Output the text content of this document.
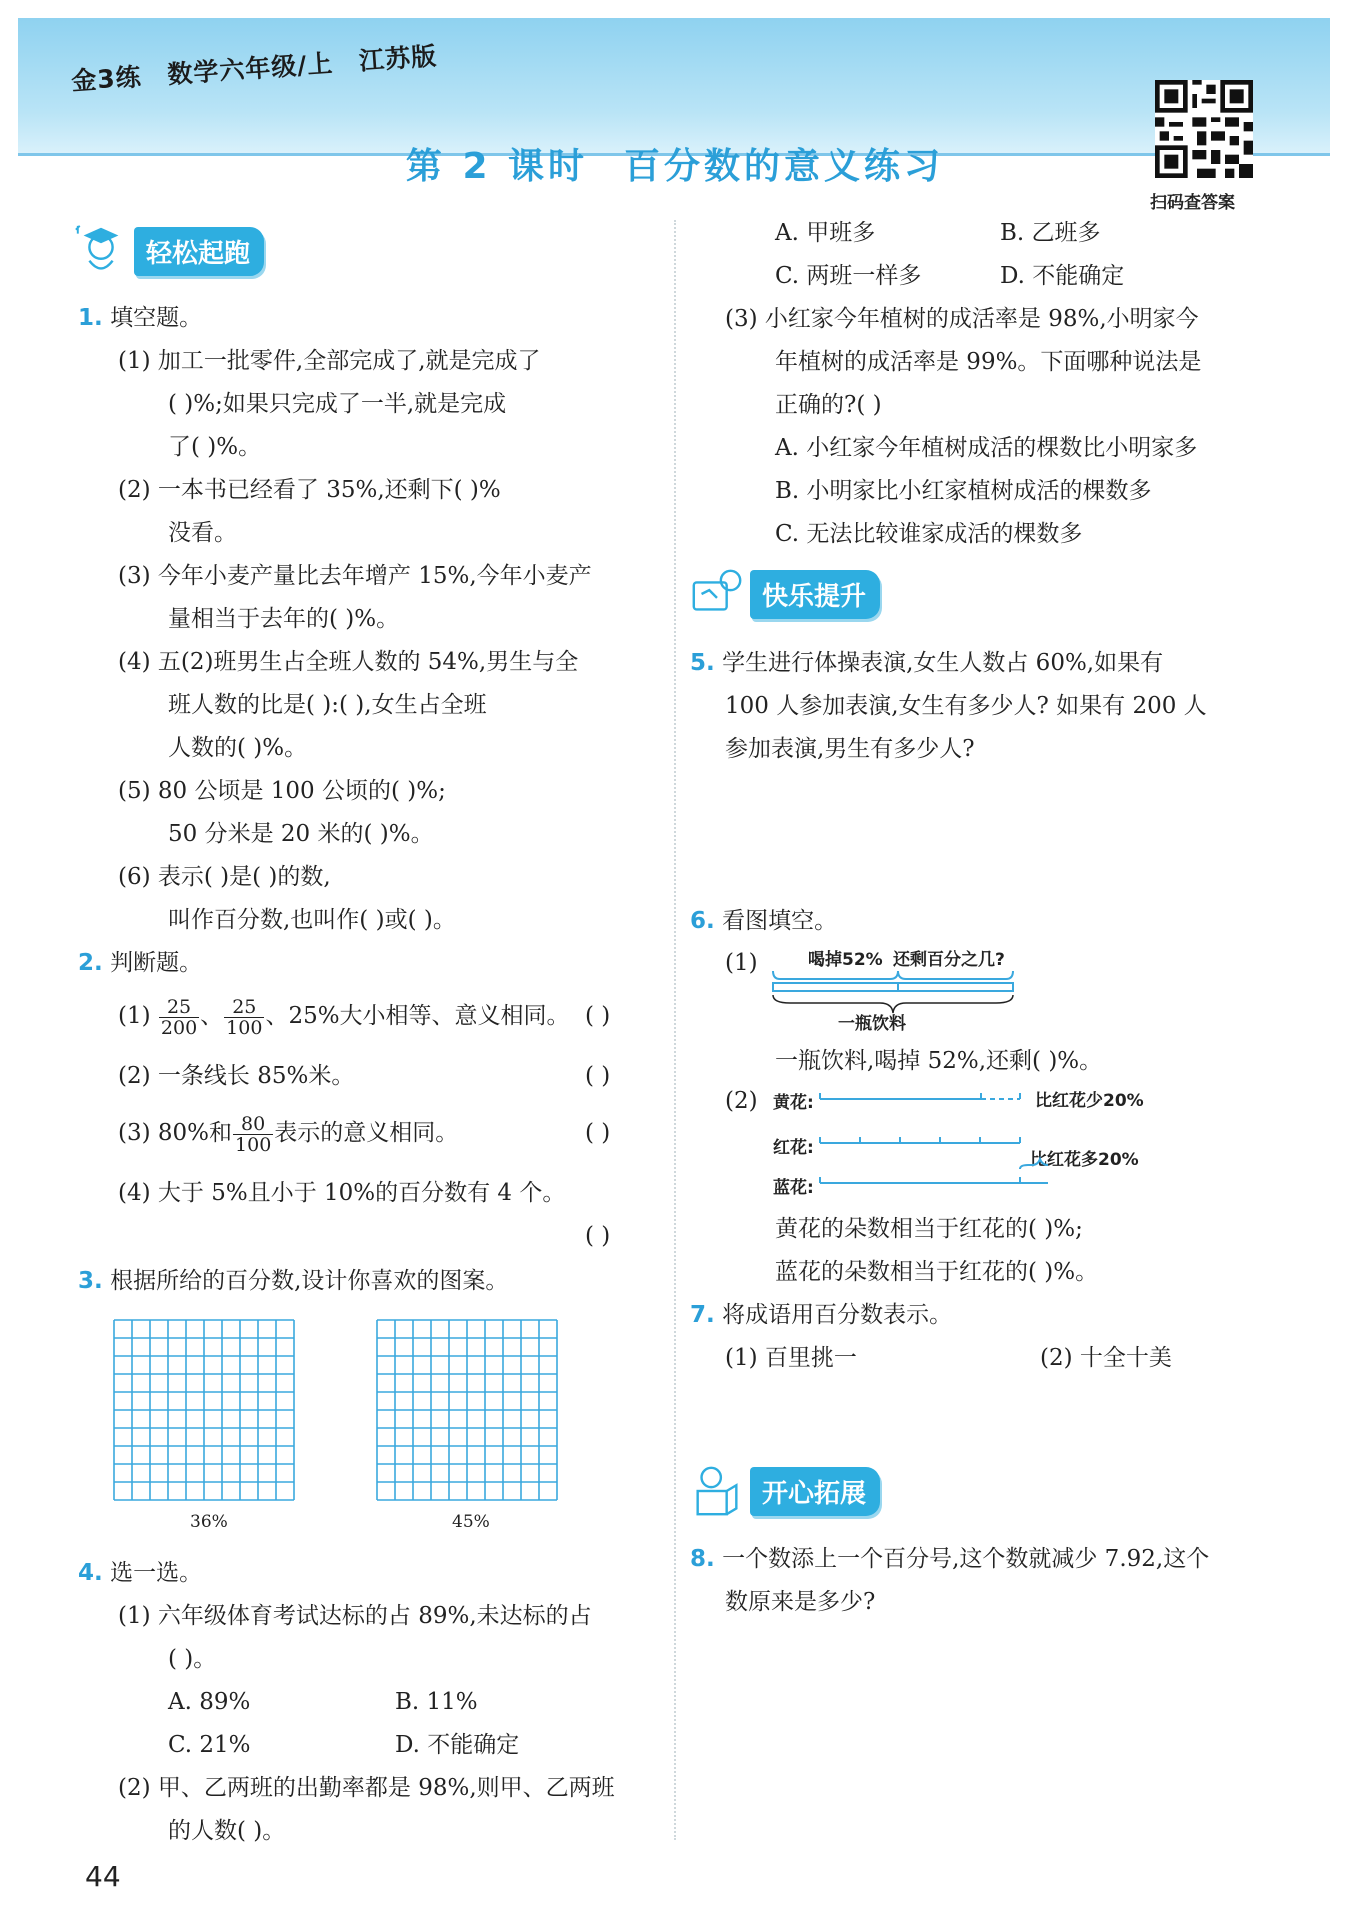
金3练 数学六年级/上 江苏版
第 2 课时 百分数的意义练习
扫码查答案
轻松起跑
1. 填空题。
(1) 加工一批零件,全部完成了,就是完成了
( )%;如果只完成了一半,就是完成
了( )%。
(2) 一本书已经看了 35%,还剩下( )%
没看。
(3) 今年小麦产量比去年增产 15%,今年小麦产
量相当于去年的( )%。
(4) 五(2)班男生占全班人数的 54%,男生与全
班人数的比是( ):( ),女生占全班
人数的( )%。
(5) 80 公顷是 100 公顷的( )%;
50 分米是 20 米的( )%。
(6) 表示( )是( )的数,
叫作百分数,也叫作( )或( )。
2. 判断题。
$(1) \frac{25}{200}$ 、 $\frac{25}{100}$ 、25%大小相等、意义相同。 ( )
(2) 一条线长 85%米。	( )
(3) 80%和 $\frac{80}{100}$ 表示的意义相同。	( )
(4) 大于 5%且小于 10%的百分数有 4 个。
( )
3. 根据所给的百分数,设计你喜欢的图案。
36%	45%
4. 选一选。
(1) 六年级体育考试达标的占 89%,未达标的占
( )。
A. 89%	B. 11%
C. 21%	D. 不能确定
(2) 甲、乙两班的出勤率都是 98%,则甲、乙两班
的人数( )。
A. 甲班多	B. 乙班多
C. 两班一样多	D. 不能确定
(3) 小红家今年植树的成活率是 98%,小明家今
年植树的成活率是 99%。下面哪种说法是
正确的?( )
A. 小红家今年植树成活的棵数比小明家多
B. 小明家比小红家植树成活的棵数多
C. 无法比较谁家成活的棵数多
快乐提升
5. 学生进行体操表演,女生人数占 60%,如果有
100 人参加表演,女生有多少人? 如果有 200 人
参加表演,男生有多少人?
6. 看图填空。
(1)	喝掉52% 还剩百分之几?
一瓶饮料
一瓶饮料,喝掉 52%,还剩( )%。
(2) 黄花:
红花:
蓝花:
比红花少20%
比红花多20%
黄花的朵数相当于红花的( )%;
蓝花的朵数相当于红花的( )%。
7. 将成语用百分数表示。
(1) 百里挑一	(2) 十全十美
开心拓展
8. 一个数添上一个百分号,这个数就减少 7.92,这个
数原来是多少?
44
